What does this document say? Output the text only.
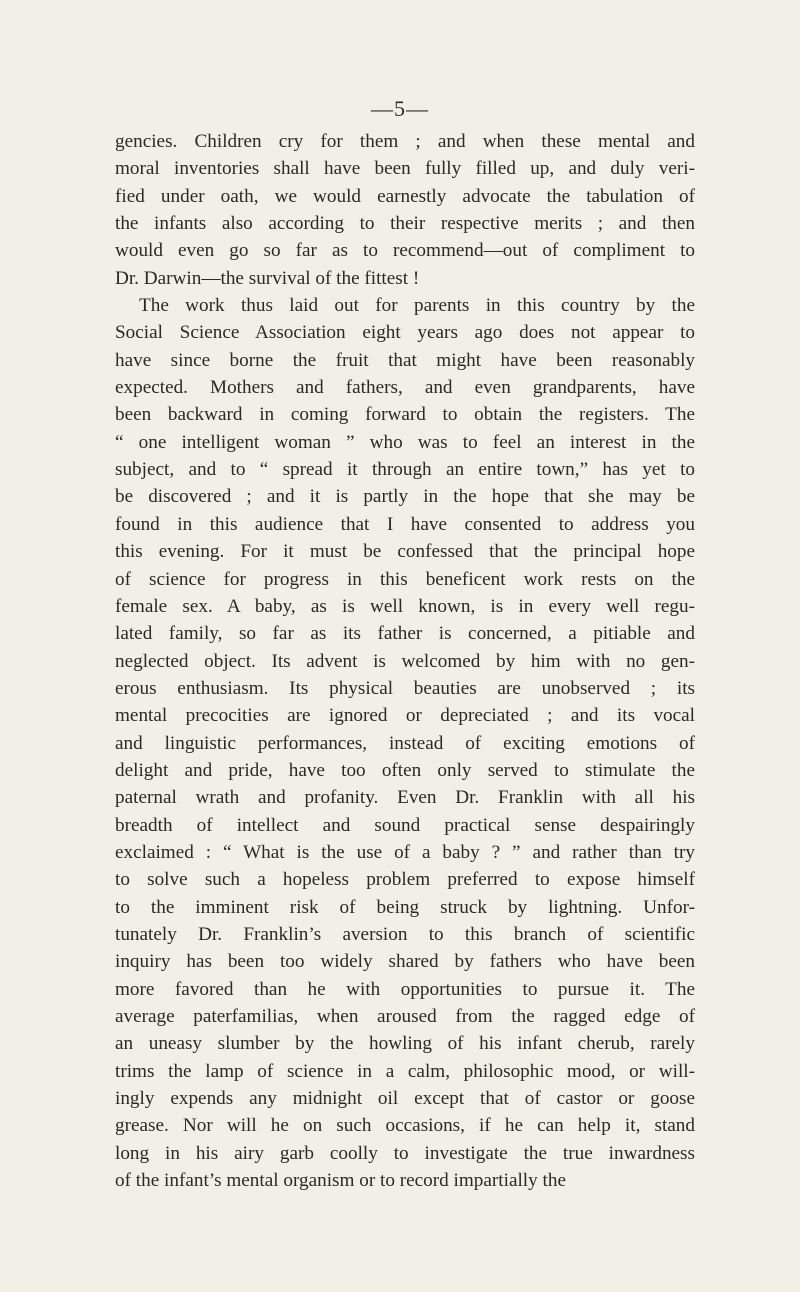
—5—
gencies. Children cry for them ; and when these mental and
moral inventories shall have been fully filled up, and duly veri-
fied under oath, we would earnestly advocate the tabulation of
the infants also according to their respective merits ; and then
would even go so far as to recommend—out of compliment to
Dr. Darwin—the survival of the fittest !
The work thus laid out for parents in this country by the
Social Science Association eight years ago does not appear to
have since borne the fruit that might have been reasonably
expected. Mothers and fathers, and even grandparents, have
been backward in coming forward to obtain the registers. The
“ one intelligent woman ” who was to feel an interest in the
subject, and to “ spread it through an entire town,” has yet to
be discovered ; and it is partly in the hope that she may be
found in this audience that I have consented to address you
this evening. For it must be confessed that the principal hope
of science for progress in this beneficent work rests on the
female sex. A baby, as is well known, is in every well regu-
lated family, so far as its father is concerned, a pitiable and
neglected object. Its advent is welcomed by him with no gen-
erous enthusiasm. Its physical beauties are unobserved ; its
mental precocities are ignored or depreciated ; and its vocal
and linguistic performances, instead of exciting emotions of
delight and pride, have too often only served to stimulate the
paternal wrath and profanity. Even Dr. Franklin with all his
breadth of intellect and sound practical sense despairingly
exclaimed : “ What is the use of a baby ? ” and rather than try
to solve such a hopeless problem preferred to expose himself
to the imminent risk of being struck by lightning. Unfor-
tunately Dr. Franklin’s aversion to this branch of scientific
inquiry has been too widely shared by fathers who have been
more favored than he with opportunities to pursue it. The
average paterfamilias, when aroused from the ragged edge of
an uneasy slumber by the howling of his infant cherub, rarely
trims the lamp of science in a calm, philosophic mood, or will-
ingly expends any midnight oil except that of castor or goose
grease. Nor will he on such occasions, if he can help it, stand
long in his airy garb coolly to investigate the true inwardness
of the infant’s mental organism or to record impartially the
